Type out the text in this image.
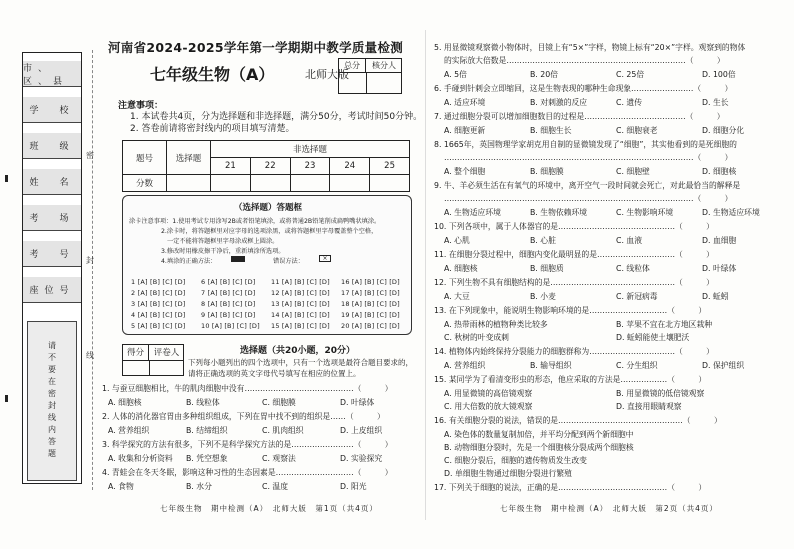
市、区、县
学　校
班　级
姓　名
考　场
考　号
座位号
请不要在密封线内答题
密
封
线
河南省2024-2025学年第一学期期中教学质量检测
七年级生物（A）	北师大版
总分	核分人
注意事项：
1. 本试卷共4页，分为选择题和非选择题，满分50分，考试时间50分钟。
2. 答卷前请将密封线内的项目填写清楚。
题号	选择题	非选择题				
		21	22	23	24	25
分数						
（选择题）答题框
涂卡注意事项：1.使用考试专用涂写2B或者铅笔填涂，或将普通2B铅笔削成扁鸭嘴状填涂。
2.涂卡时，将答题框里对应字母的选项涂黑，或将答题框里字母覆盖整个空格，
一定不能将答题框里字母涂成框上圆涂。
3.修改时用橡皮擦干净后，重新填涂所选项。
4.填涂的正确方法：	错误方法：	×
1 [A] [B] [C] [D] 6 [A] [B] [C] [D] 11 [A] [B] [C] [D] 16 [A] [B] [C] [D]
2 [A] [B] [C] [D] 7 [A] [B] [C] [D] 12 [A] [B] [C] [D] 17 [A] [B] [C] [D]
3 [A] [B] [C] [D] 8 [A] [B] [C] [D] 13 [A] [B] [C] [D] 18 [A] [B] [C] [D]
4 [A] [B] [C] [D] 9 [A] [B] [C] [D] 14 [A] [B] [C] [D] 19 [A] [B] [C] [D]
5 [A] [B] [C] [D] 10 [A] [B] [C] [D] 15 [A] [B] [C] [D] 20 [A] [B] [C] [D]
得分	评卷人	选择题（共20小题，20分）
下列每小题列出的四个选项中，只有一个选项是最符合题目要求的，
请将正确选项的英文字母代号填写在相应的位置上。
1. 与蚕豆细胞相比，牛的肌肉细胞中没有……………………………………（　　　）
A. 细胞核	B. 线粒体	C. 细胞膜	D. 叶绿体
2. 人体的消化器官胃由多种组织组成，下列在胃中找不到的组织是……（　　　）
A. 营养组织	B. 结缔组织	C. 肌肉组织	D. 上皮组织
3. 科学探究的方法有很多，下列不是科学探究方法的是……………………（　　　）
A. 收集和分析资料 B. 凭空想象	C. 观察法	D. 实验探究
4. 青蛙会在冬天冬眠，影响这种习性的生态因素是…………………………（　　　）
A. 食物	B. 水分	C. 温度	D. 阳光
七年级生物　期中检测（A）　北师大版　第1页（共4页）
5. 用显微镜观察微小物体时，目镜上有“5×”字样，物镜上标有“20×”字样。观察到的物体
的实际放大倍数是……………………………………………………………（　　　）
A. 5倍	B. 20倍	C. 25倍	D. 100倍
6. 手碰到针刺会立即缩回，这是生物表现的哪种生命现象……………………（　　　）
A. 适应环境	B. 对刺激的反应	C. 遗传	D. 生长
7. 通过细胞分裂可以增加细胞数目的过程是…………………………………（　　　）
A. 细胞更新	B. 细胞生长	C. 细胞衰老	D. 细胞分化
8. 1665年，英国物理学家胡克用自制的显微镜发现了“细胞”，其实他看到的是死细胞的
……………………………………………………………………………………（　　　）
A. 整个细胞	B. 细胞膜	C. 细胞壁	D. 细胞核
9. 牛、羊必须生活在有氧气的环境中，离开空气一段时间就会死亡，对此最恰当的解释是
……………………………………………………………………………………（　　　）
A. 生物适应环境	B. 生物依赖环境	C. 生物影响环境	D. 生物适应环境
10. 下列各项中，属于人体器官的是………………………………………（　　　）
A. 心肌	B. 心脏	C. 血液	D. 血细胞
11. 在细胞分裂过程中，细胞内变化最明显的是…………………………（　　　）
A. 细胞核	B. 细胞质	C. 线粒体	D. 叶绿体
12. 下列生物不具有细胞结构的是…………………………………………（　　　）
A. 大豆	B. 小麦	C. 新冠病毒	D. 蚯蚓
13. 在下列现象中，能说明生物影响环境的是…………………………（　　　）
A. 热带雨林的植物种类比较多	B. 苹果不宜在北方地区栽种
C. 秋树的叶变成刺	D. 蚯蚓能使土壤肥沃
14. 植物体内始终保持分裂能力的细胞群称为……………………………（　　　）
A. 营养组织	B. 输导组织	C. 分生组织	D. 保护组织
15. 某同学为了看清变形虫的形态，他应采取的方法是………………（　　　）
A. 用显微镜的高倍镜观察	B. 用显微镜的低倍镜观察
C. 用大倍数的放大镜观察	D. 直接用眼睛观察
16. 有关细胞分裂的说法，错误的是…………………………………………（　　　）
A. 染色体的数量复制加倍，并平均分配到两个新细胞中
B. 动物细胞分裂时，先是一个细胞核分裂成两个细胞核
C. 细胞分裂后，细胞的遗传物质发生改变
D. 单细胞生物通过细胞分裂进行繁殖
17. 下列关于细胞的说法，正确的是……………………………………（　　　）
七年级生物　期中检测（A）　北师大版　第2页（共4页）
